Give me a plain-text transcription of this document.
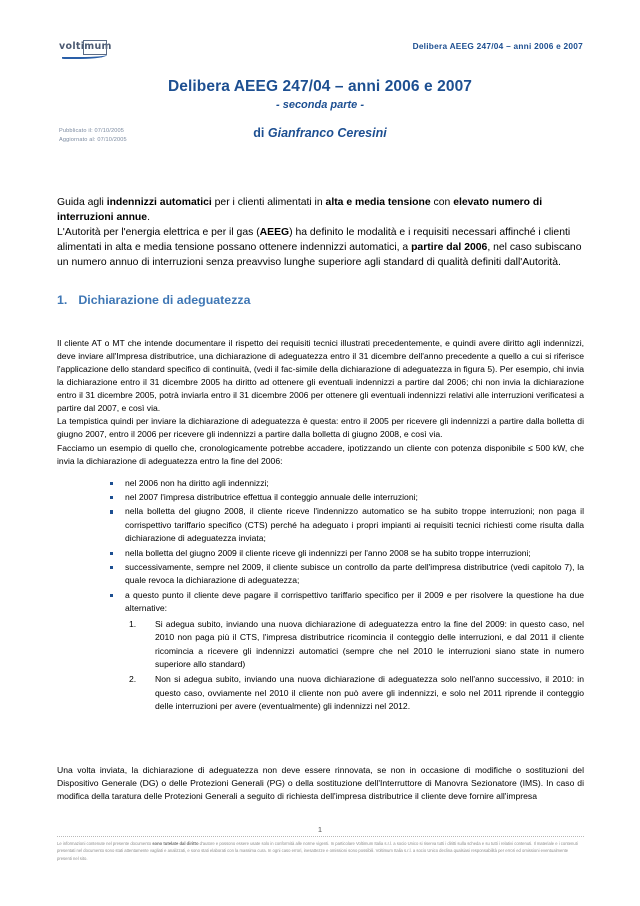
voltimum	Delibera AEEG 247/04 – anni 2006 e 2007
Delibera AEEG 247/04 – anni 2006 e 2007
- seconda parte -
di Gianfranco Ceresini
Pubblicato il: 07/10/2005
Aggiornato al: 07/10/2005
Guida agli indennizzi automatici per i clienti alimentati in alta e media tensione con elevato numero di interruzioni annue.
L'Autorità per l'energia elettrica e per il gas (AEEG) ha definito le modalità e i requisiti necessari affinché i clienti alimentati in alta e media tensione possano ottenere indennizzi automatici, a partire dal 2006, nel caso subiscano un numero annuo di interruzioni senza preavviso lunghe superiore agli standard di qualità definiti dall'Autorità.
1. Dichiarazione di adeguatezza

Il cliente AT o MT che intende documentare il rispetto dei requisiti tecnici illustrati precedentemente, e quindi avere diritto agli indennizzi, deve inviare all'Impresa distributrice, una dichiarazione di adeguatezza entro il 31 dicembre dell'anno precedente a quello a cui si riferisce l'applicazione dello standard specifico di continuità, (vedi il fac-simile della dichiarazione di adeguatezza in figura 5). Per esempio, chi invia la dichiarazione entro il 31 dicembre 2005 ha diritto ad ottenere gli eventuali indennizzi a partire dal 2006; chi non invia la dichiarazione entro il 31 dicembre 2005, potrà inviarla entro il 31 dicembre 2006 per ottenere gli eventuali indennizzi relativi alle interruzioni verificatesi a partire dal 2007, e così via.

La tempistica quindi per inviare la dichiarazione di adeguatezza è questa: entro il 2005 per ricevere gli indennizzi a partire dalla bolletta di giugno 2007, entro il 2006 per ricevere gli indennizzi a partire dalla bolletta di giugno 2008, e così via.

Facciamo un esempio di quello che, cronologicamente potrebbe accadere, ipotizzando un cliente con potenza disponibile ≤ 500 kW, che invia la dichiarazione di adeguatezza entro la fine del 2006:

nel 2006 non ha diritto agli indennizzi;
nel 2007 l'impresa distributrice effettua il conteggio annuale delle interruzioni;
nella bolletta del giugno 2008, il cliente riceve l'indennizzo automatico se ha subito troppe interruzioni; non paga il corrispettivo tariffario specifico (CTS) perché ha adeguato i propri impianti ai requisiti tecnici richiesti come risulta dalla dichiarazione di adeguatezza inviata;
nella bolletta del giugno 2009 il cliente riceve gli indennizzi per l'anno 2008 se ha subito troppe interruzioni;
successivamente, sempre nel 2009, il cliente subisce un controllo da parte dell'impresa distributrice (vedi capitolo 7), la quale revoca la dichiarazione di adeguatezza;
a questo punto il cliente deve pagare il corrispettivo tariffario specifico per il 2009 e per risolvere la questione ha due alternative:
Si adegua subito, inviando una nuova dichiarazione di adeguatezza entro la fine del 2009: in questo caso, nel 2010 non paga più il CTS, l'impresa distributrice ricomincia il conteggio delle interruzioni, e dal 2011 il cliente ricomincia a ricevere gli indennizzi automatici (sempre che nel 2010 le interruzioni siano state in numero superiore allo standard)
Non si adegua subito, inviando una nuova dichiarazione di adeguatezza solo nell'anno successivo, il 2010: in questo caso, ovviamente nel 2010 il cliente non può avere gli indennizzi, e solo nel 2011 riprende il conteggio delle interruzioni per avere (eventualmente) gli indennizzi nel 2012.
Una volta inviata, la dichiarazione di adeguatezza non deve essere rinnovata, se non in occasione di modifiche o sostituzioni del Dispositivo Generale (DG) o delle Protezioni Generali (PG) o della sostituzione dell'Interruttore di Manovra Sezionatore (IMS). In caso di modifica della taratura delle Protezioni Generali a seguito di richiesta dell'impresa distributrice il cliente deve fornire all'impresa
1
Le informazioni contenute nel presente documento sono tutelate dal diritto d'autore e possono essere usate solo in conformità alle norme vigenti. In particolare Voltimum Italia s.r.l. a socio Unico si riserva tutti i diritti sulla scheda e su tutti i relativi contenuti. Il materiale e i contenuti presentati nel documento sono stati attentamente vagliati e analizzati, e sono stati elaborati con la massima cura. In ogni caso errori, inesattezze e omissioni sono possibili. Voltimum Italia s.r.l. a socio Unico declina qualsiasi responsabilità per errori ed omissioni eventualmente presenti nel sito.
